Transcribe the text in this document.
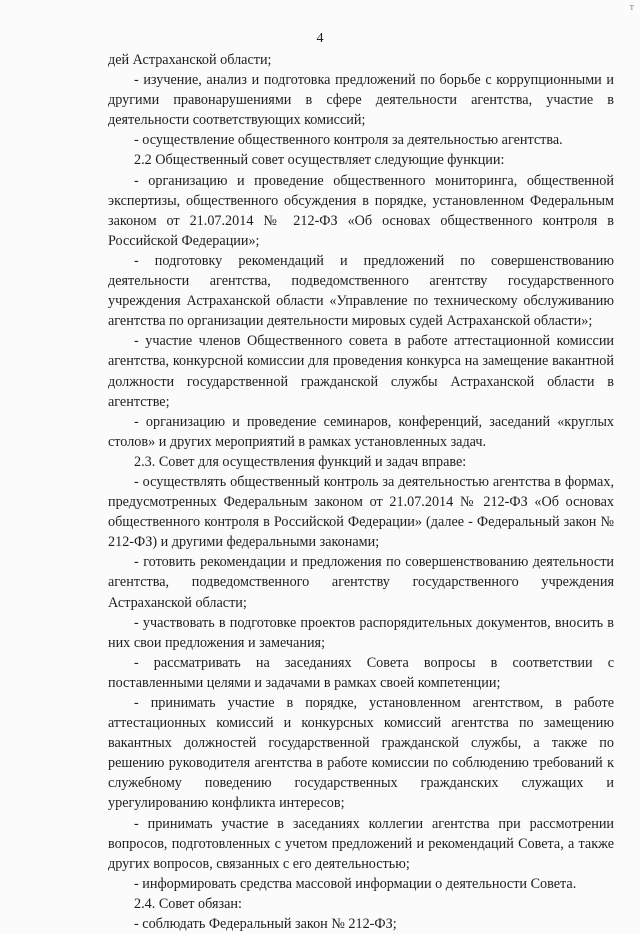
т
4

дей Астраханской области;

- изучение, анализ и подготовка предложений по борьбе с коррупционными и другими правонарушениями в сфере деятельности агентства, участие в деятельности соответствующих комиссий;

- осуществление общественного контроля за деятельностью агентства.

2.2 Общественный совет осуществляет следующие функции:

- организацию и проведение общественного мониторинга, общественной экспертизы, общественного обсуждения в порядке, установленном Федеральным законом от 21.07.2014 № 212-ФЗ «Об основах общественного контроля в Российской Федерации»;

- подготовку рекомендаций и предложений по совершенствованию деятельности агентства, подведомственного агентству государственного учреждения Астраханской области «Управление по техническому обслуживанию агентства по организации деятельности мировых судей Астраханской области»;

- участие членов Общественного совета в работе аттестационной комиссии агентства, конкурсной комиссии для проведения конкурса на замещение вакантной должности государственной гражданской службы Астраханской области в агентстве;

- организацию и проведение семинаров, конференций, заседаний «круглых столов» и других мероприятий в рамках установленных задач.

2.3. Совет для осуществления функций и задач вправе:

- осуществлять общественный контроль за деятельностью агентства в формах, предусмотренных Федеральным законом от 21.07.2014 № 212-ФЗ «Об основах общественного контроля в Российской Федерации» (далее - Федеральный закон № 212-ФЗ) и другими федеральными законами;

- готовить рекомендации и предложения по совершенствованию деятельности агентства, подведомственного агентству государственного учреждения Астраханской области;

- участвовать в подготовке проектов распорядительных документов, вносить в них свои предложения и замечания;

- рассматривать на заседаниях Совета вопросы в соответствии с поставленными целями и задачами в рамках своей компетенции;

- принимать участие в порядке, установленном агентством, в работе аттестационных комиссий и конкурсных комиссий агентства по замещению вакантных должностей государственной гражданской службы, а также по решению руководителя агентства в работе комиссии по соблюдению требований к служебному поведению государственных гражданских служащих и урегулированию конфликта интересов;

- принимать участие в заседаниях коллегии агентства при рассмотрении вопросов, подготовленных с учетом предложений и рекомендаций Совета, а также других вопросов, связанных с его деятельностью;

- информировать средства массовой информации о деятельности Совета.

2.4. Совет обязан:

- соблюдать Федеральный закон № 212-ФЗ;
